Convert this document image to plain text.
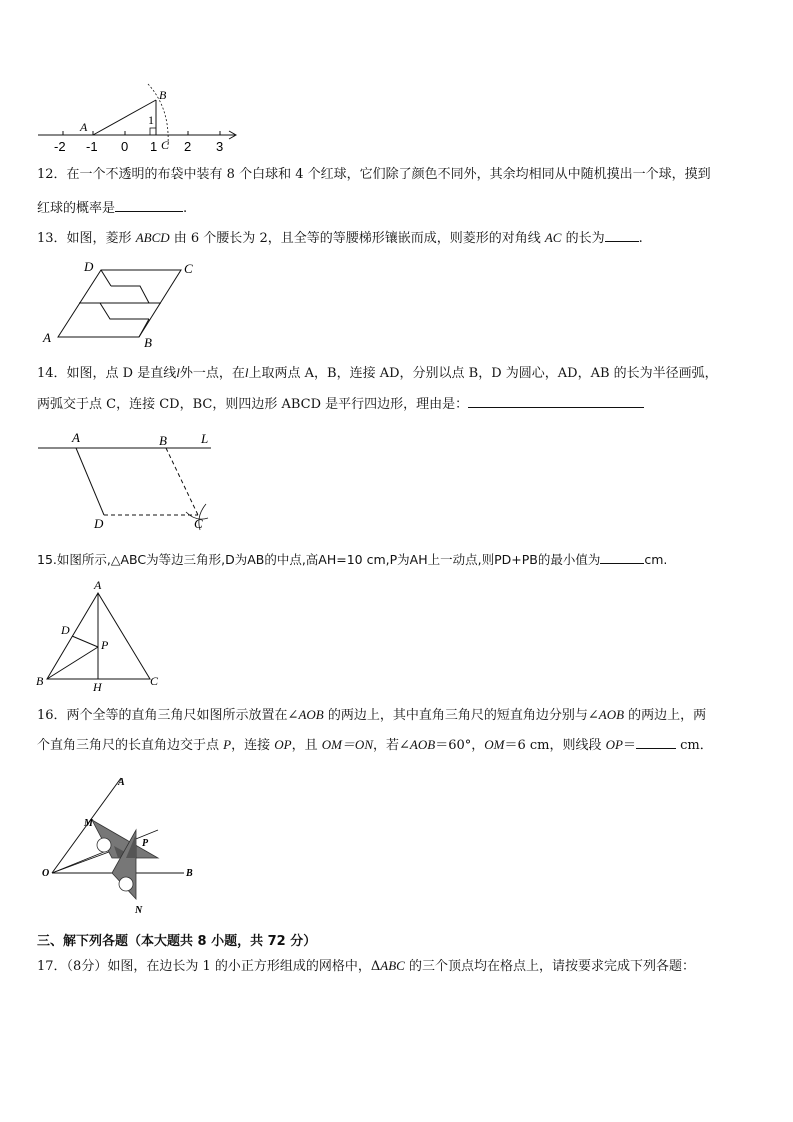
-2 -1 0 1 2 3
A
B
C
1
12．在一个不透明的布袋中装有 8 个白球和 4 个红球，它们除了颜色不同外，其余均相同从中随机摸出一个球，摸到
红球的概率是	.
13．如图，菱形 ABCD 由 6 个腰长为 2，且全等的等腰梯形镶嵌而成，则菱形的对角线 AC 的长为	.
D	C
A	B
14．如图，点 D 是直线l外一点，在l上取两点 A，B，连接 AD，分别以点 B，D 为圆心，AD，AB 的长为半径画弧，
两弧交于点 C，连接 CD，BC，则四边形 ABCD 是平行四边形，理由是：
A	B	L
D	C
15.如图所示,△ABC为等边三角形,D为AB的中点,高AH=10 cm,P为AH上一动点,则PD+PB的最小值为	cm.
A
D
P
B	H	C
16．两个全等的直角三角尺如图所示放置在∠AOB 的两边上，其中直角三角尺的短直角边分别与∠AOB 的两边上，两
个直角三角尺的长直角边交于点 P，连接 OP，且 OM＝ON，若∠AOB＝60°，OM＝6 cm，则线段 OP＝	cm．
A
M
P
O	B
N
三、解下列各题（本大题共 8 小题，共 72 分）
17．（8分）如图，在边长为 1 的小正方形组成的网格中，ΔABC 的三个顶点均在格点上，请按要求完成下列各题：
